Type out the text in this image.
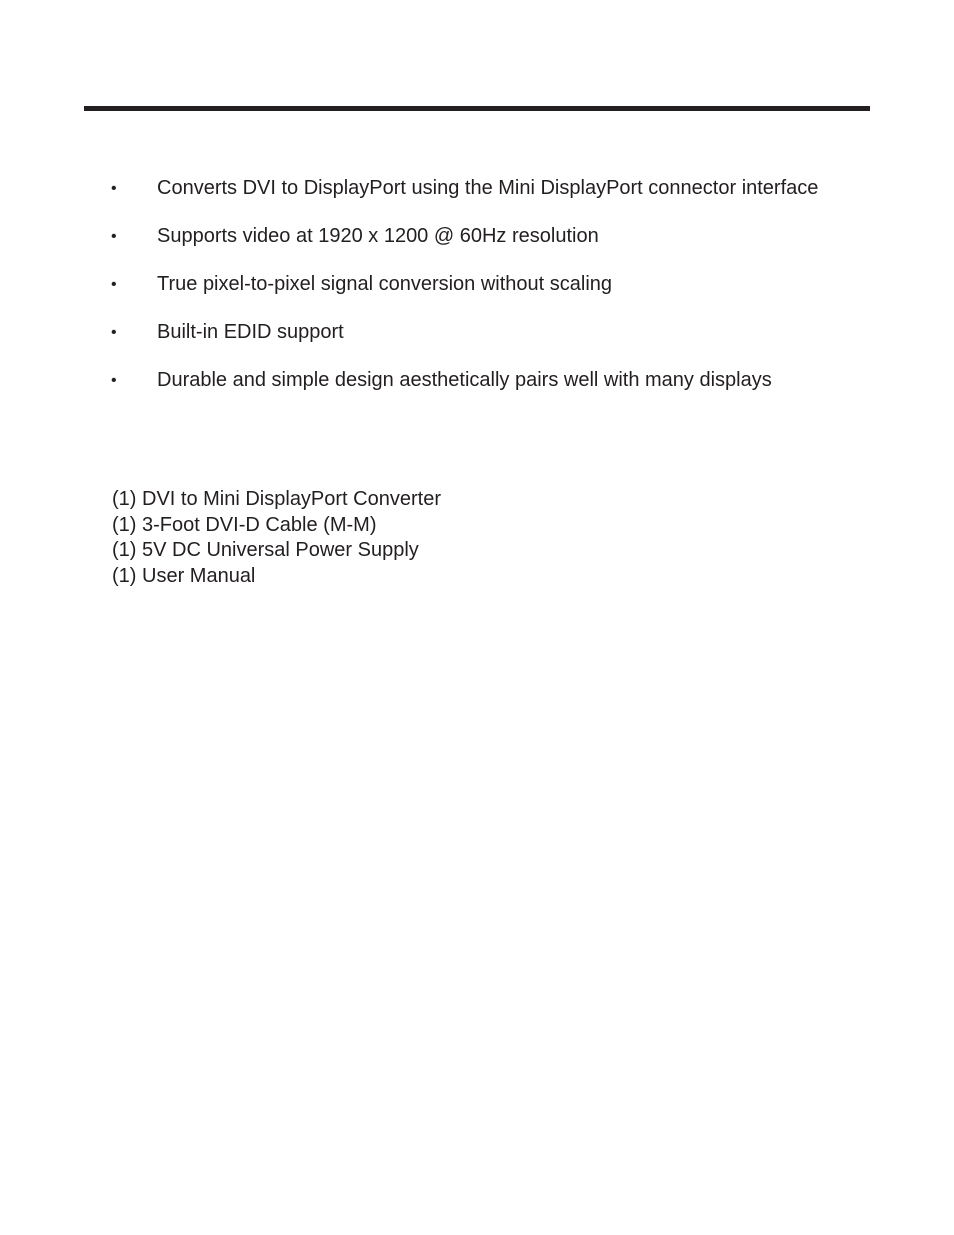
• Converts DVI to DisplayPort using the Mini DisplayPort connector interface
• Supports video at 1920 x 1200 @ 60Hz resolution
• True pixel-to-pixel signal conversion without scaling
• Built-in EDID support
• Durable and simple design aesthetically pairs well with many displays
(1) DVI to Mini DisplayPort Converter
(1) 3-Foot DVI-D Cable (M-M)
(1) 5V DC Universal Power Supply
(1) User Manual
